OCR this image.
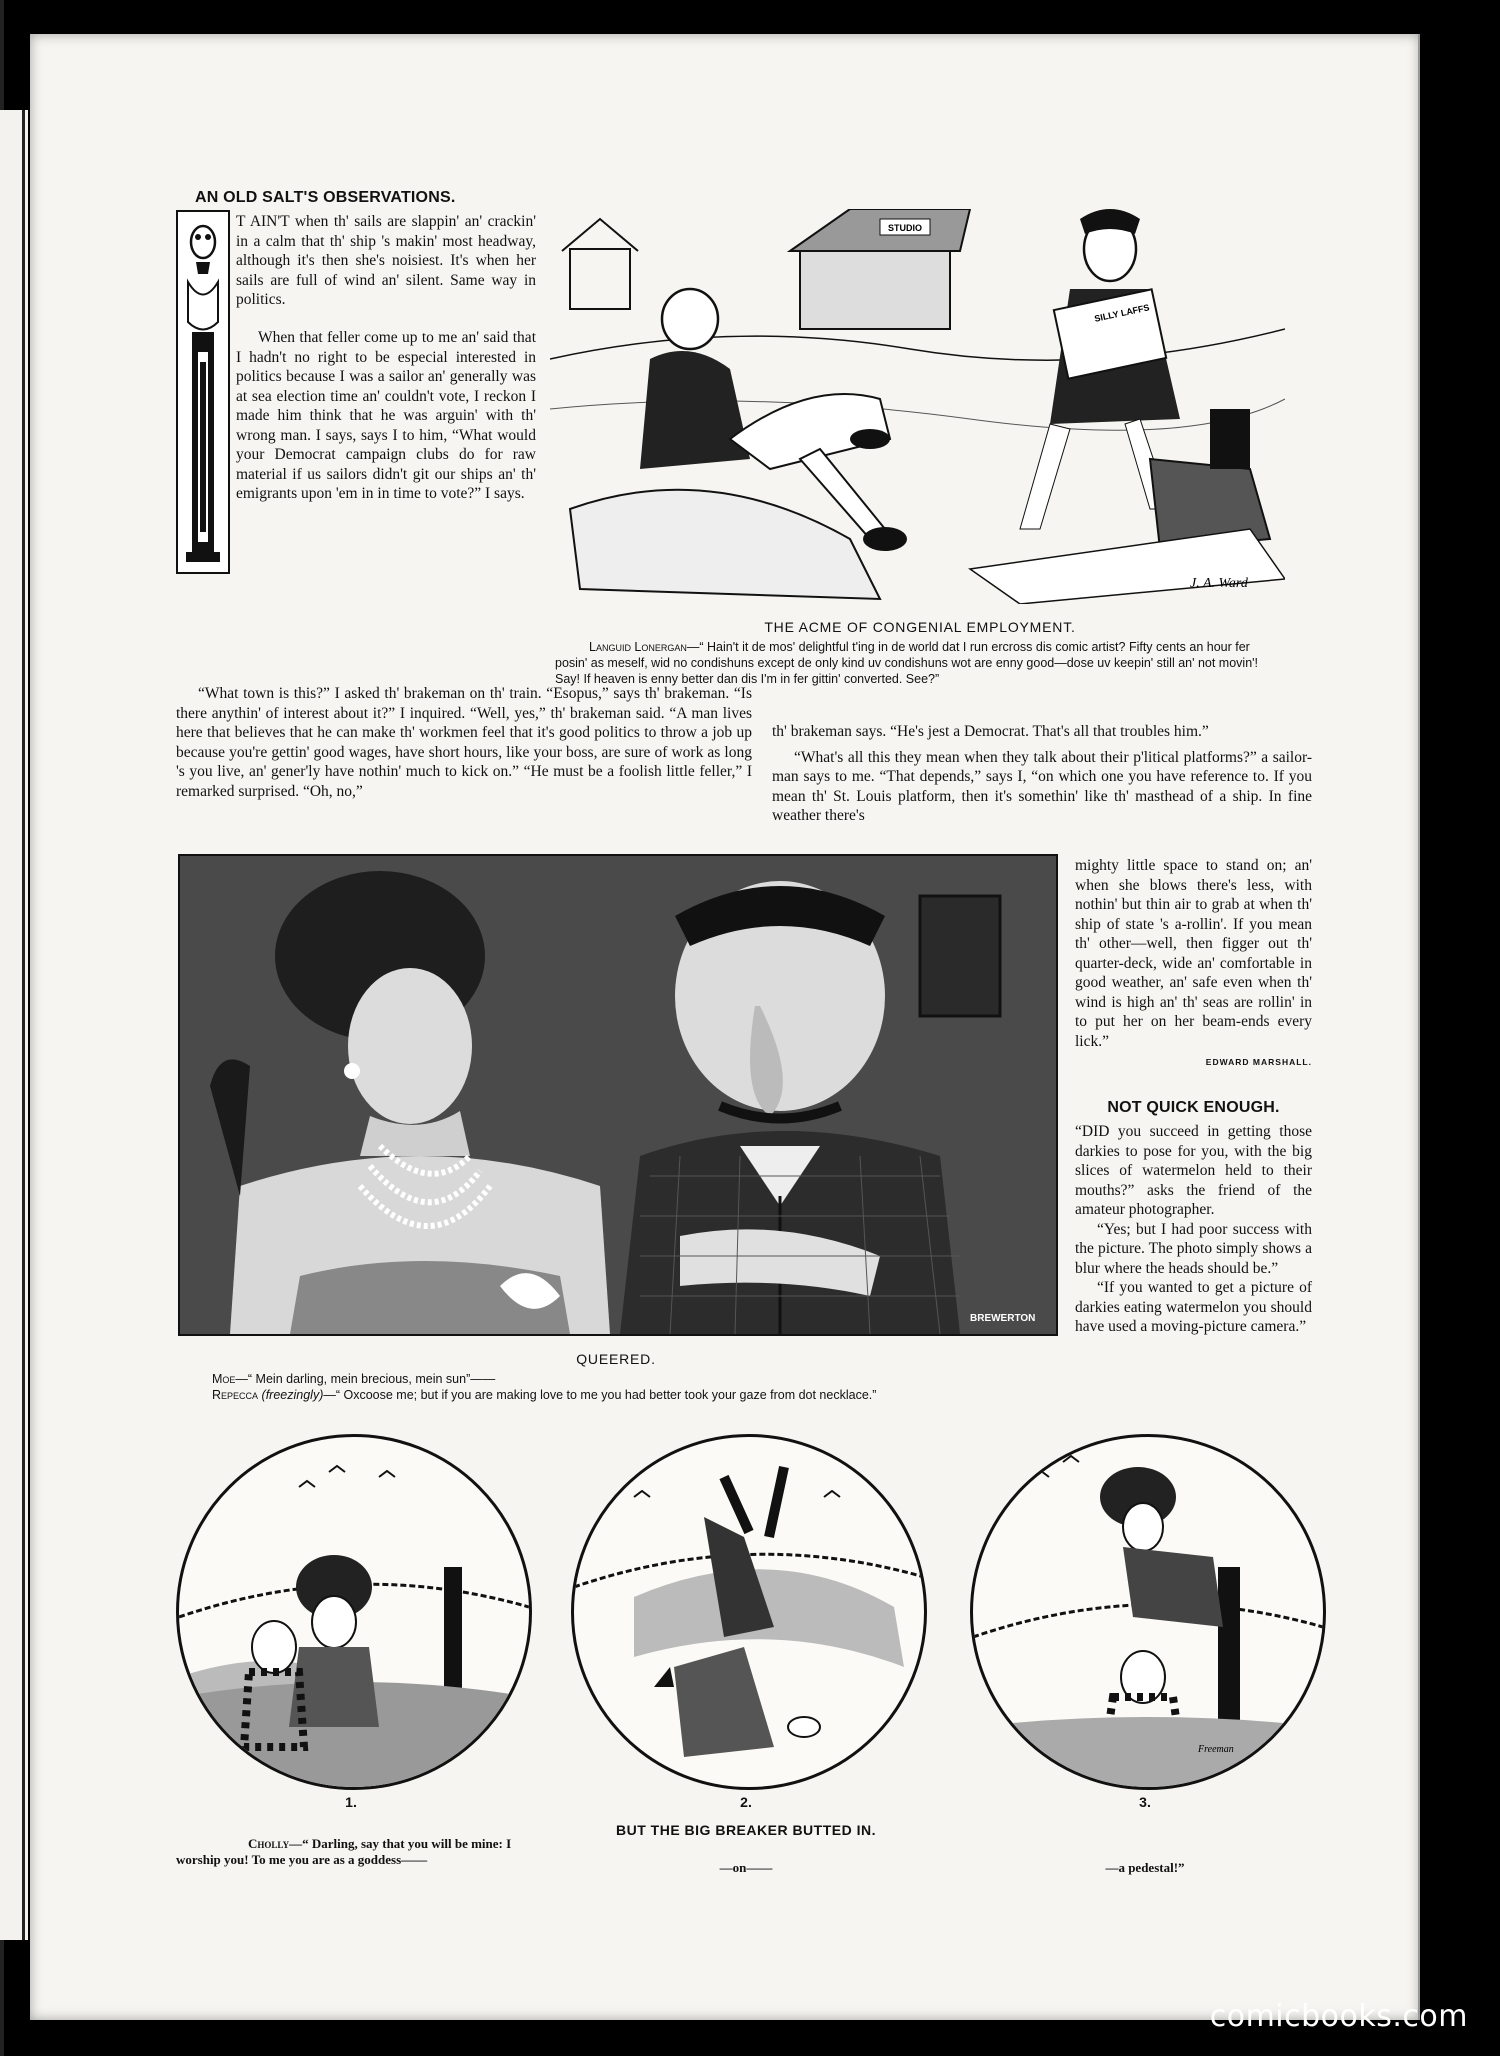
AN OLD SALT'S OBSERVATIONS.

T AIN'T when th' sails are slappin' an' crackin' in a calm that th' ship 's makin' most headway, although it's then she's noisiest. It's when her sails are full of wind an' silent. Same way in politics.

When that feller come up to me an' said that I hadn't no right to be especial interested in politics because I was a sailor an' generally was at sea election time an' couldn't vote, I reckon I made him think that he was arguin' with th' wrong man. I says, says I to him, “What would your Democrat campaign clubs do for raw material if us sailors didn't git our ships an' th' emigrants upon 'em in in time to vote?” I says.

STUDIO
SILLY LAFFS
J. A. Ward
THE ACME OF CONGENIAL EMPLOYMENT.
Languid Lonergan—“ Hain't it de mos' delightful t'ing in de world dat I run ercross dis comic artist? Fifty cents an hour fer posin' as meself, wid no condishuns except de only kind uv condishuns wot are enny good—dose uv keepin' still an' not movin'! Say! If heaven is enny better dan dis I'm in fer gittin' converted. See?”

“What town is this?” I asked th' brakeman on th' train. “Esopus,” says th' brakeman. “Is there anythin' of interest about it?” I inquired. “Well, yes,” th' brakeman said. “A man lives here that believes that he can make th' workmen feel that it's good politics to throw a job up because you're gettin' good wages, have short hours, like your boss, are sure of work as long 's you live, an' gener'ly have nothin' much to kick on.” “He must be a foolish little feller,” I remarked surprised. “Oh, no,”

th' brakeman says. “He's jest a Democrat. That's all that troubles him.”

“What's all this they mean when they talk about their p'litical platforms?” a sailor-man says to me. “That depends,” says I, “on which one you have reference to. If you mean th' St. Louis platform, then it's somethin' like th' masthead of a ship. In fine weather there's

mighty little space to stand on; an' when she blows there's less, with nothin' but thin air to grab at when th' ship of state 's a-rollin'. If you mean th' other—well, then figger out th' quarter-deck, wide an' comfortable in good weather, an' safe even when th' wind is high an' th' seas are rollin' in to put her on her beam-ends every lick.”

EDWARD MARSHALL.
BREWERTON
QUEERED.
Moe—“ Mein darling, mein brecious, mein sun”——
Repecca (freezingly)—“ Oxcoose me; but if you are making love to me you had better took your gaze from dot necklace.”
NOT QUICK ENOUGH.

“DID you succeed in getting those darkies to pose for you, with the big slices of watermelon held to their mouths?” asks the friend of the amateur photographer.

“Yes; but I had poor success with the picture. The photo simply shows a blur where the heads should be.”

“If you wanted to get a picture of darkies eating watermelon you should have used a moving-picture camera.”

Freeman
1.	2.	3.
BUT THE BIG BREAKER BUTTED IN.
Cholly—“ Darling, say that you will be mine: I worship you! To me you are as a goddess——
—on——	—a pedestal!”
comicbooks.com
